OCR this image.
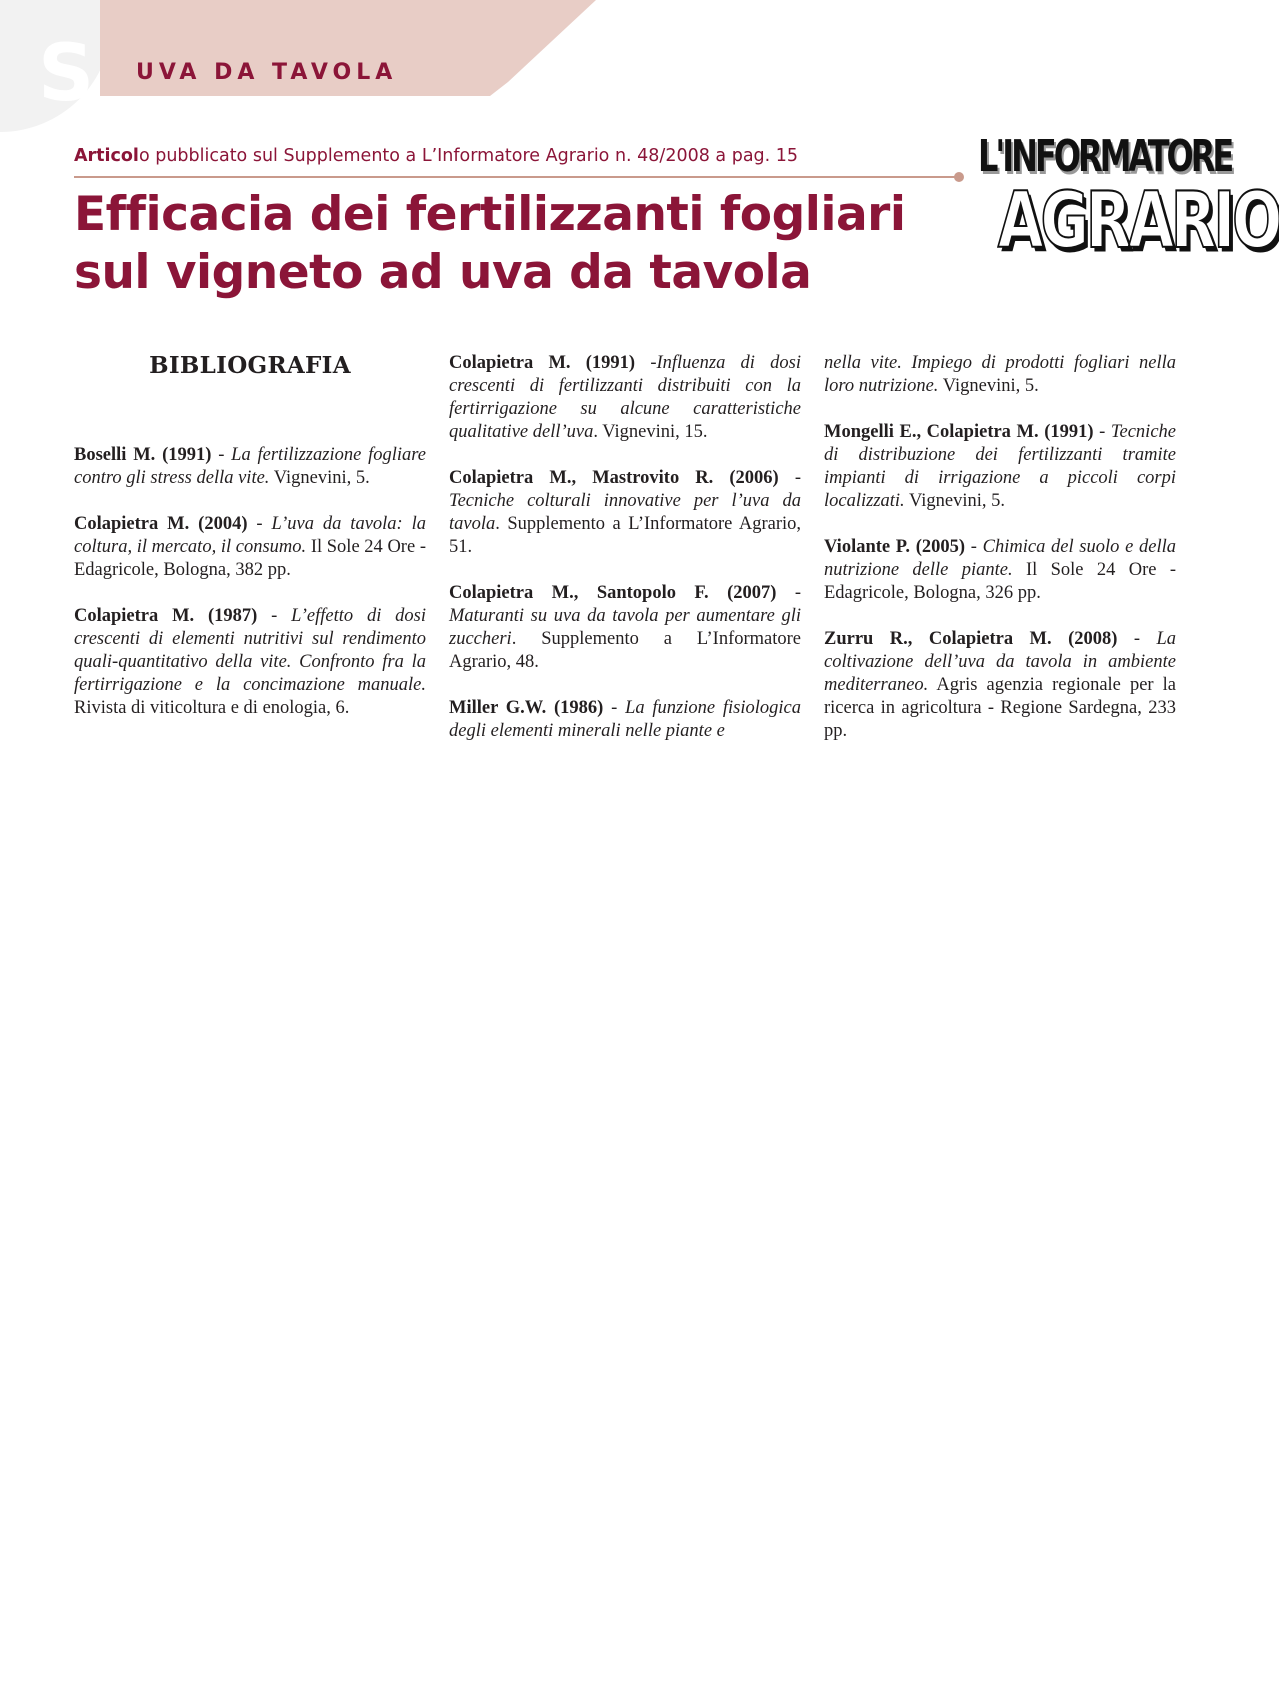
S UVA DA TAVOLA
Articolo pubblicato sul Supplemento a L’Informatore Agrario n. 48/2008 a pag. 15	L'INFORMATORE
AGRARIO
Efficacia dei fertilizzanti fogliari
sul vigneto ad uva da tavola
BIBLIOGRAFIA

Boselli M. (1991) - La fertilizzazione fogliare contro gli stress della vite. Vignevini, 5.

Colapietra M. (2004) - L’uva da tavola: la coltura, il mercato, il consumo. Il Sole 24 Ore - Edagricole, Bologna, 382 pp.

Colapietra M. (1987) - L’effetto di dosi crescenti di elementi nutritivi sul rendimento quali-quantitativo della vite. Confronto fra la fertirrigazione e la concimazione manuale. Rivista di viticoltura e di enologia, 6.

Colapietra M. (1991) -Influenza di dosi crescenti di fertilizzanti distribuiti con la fertirrigazione su alcune caratteristiche qualitative dell’uva. Vignevini, 15.

Colapietra M., Mastrovito R. (2006) - Tecniche colturali innovative per l’uva da tavola. Supplemento a L’Informatore Agrario, 51.

Colapietra M., Santopolo F. (2007) - Maturanti su uva da tavola per aumentare gli zuccheri. Supplemento a L’Informatore Agrario, 48.

Miller G.W. (1986) - La funzione fisiologica degli elementi minerali nelle piante e

nella vite. Impiego di prodotti fogliari nella loro nutrizione. Vignevini, 5.

Mongelli E., Colapietra M. (1991) - Tecniche di distribuzione dei fertilizzanti tramite impianti di irrigazione a piccoli corpi localizzati. Vignevini, 5.

Violante P. (2005) - Chimica del suolo e della nutrizione delle piante. Il Sole 24 Ore - Edagricole, Bologna, 326 pp.

Zurru R., Colapietra M. (2008) - La coltivazione dell’uva da tavola in ambiente mediterraneo. Agris agenzia regionale per la ricerca in agricoltura - Regione Sardegna, 233 pp.
